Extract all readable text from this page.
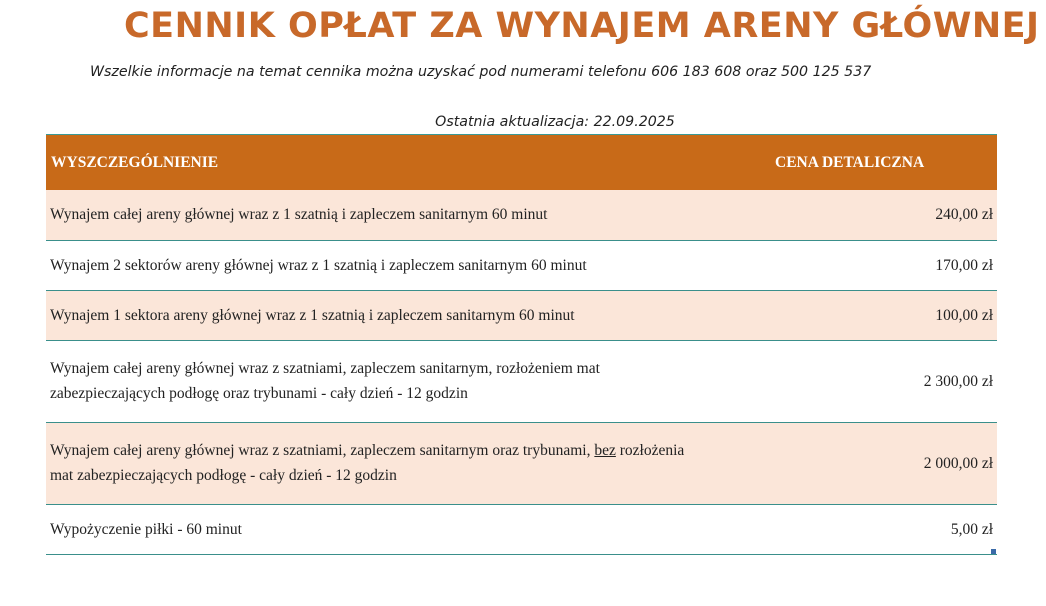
CENNIK OPŁAT ZA WYNAJEM ARENY GŁÓWNEJ
Wszelkie informacje na temat cennika można uzyskać pod numerami telefonu 606 183 608 oraz 500 125 537
Ostatnia aktualizacja: 22.09.2025
WYSZCZEGÓLNIENIE	CENA DETALICZNA
Wynajem całej areny głównej wraz z 1 szatnią i zapleczem sanitarnym 60 minut	240,00 zł
Wynajem 2 sektorów areny głównej wraz z 1 szatnią i zapleczem sanitarnym 60 minut	170,00 zł
Wynajem 1 sektora areny głównej wraz z 1 szatnią i zapleczem sanitarnym 60 minut	100,00 zł
Wynajem całej areny głównej wraz z szatniami, zapleczem sanitarnym, rozłożeniem mat zabezpieczających podłogę oraz trybunami - cały dzień - 12 godzin	2 300,00 zł
Wynajem całej areny głównej wraz z szatniami, zapleczem sanitarnym oraz trybunami, bez rozłożenia mat zabezpieczających podłogę - cały dzień - 12 godzin	2 000,00 zł
Wypożyczenie piłki - 60 minut	5,00 zł
